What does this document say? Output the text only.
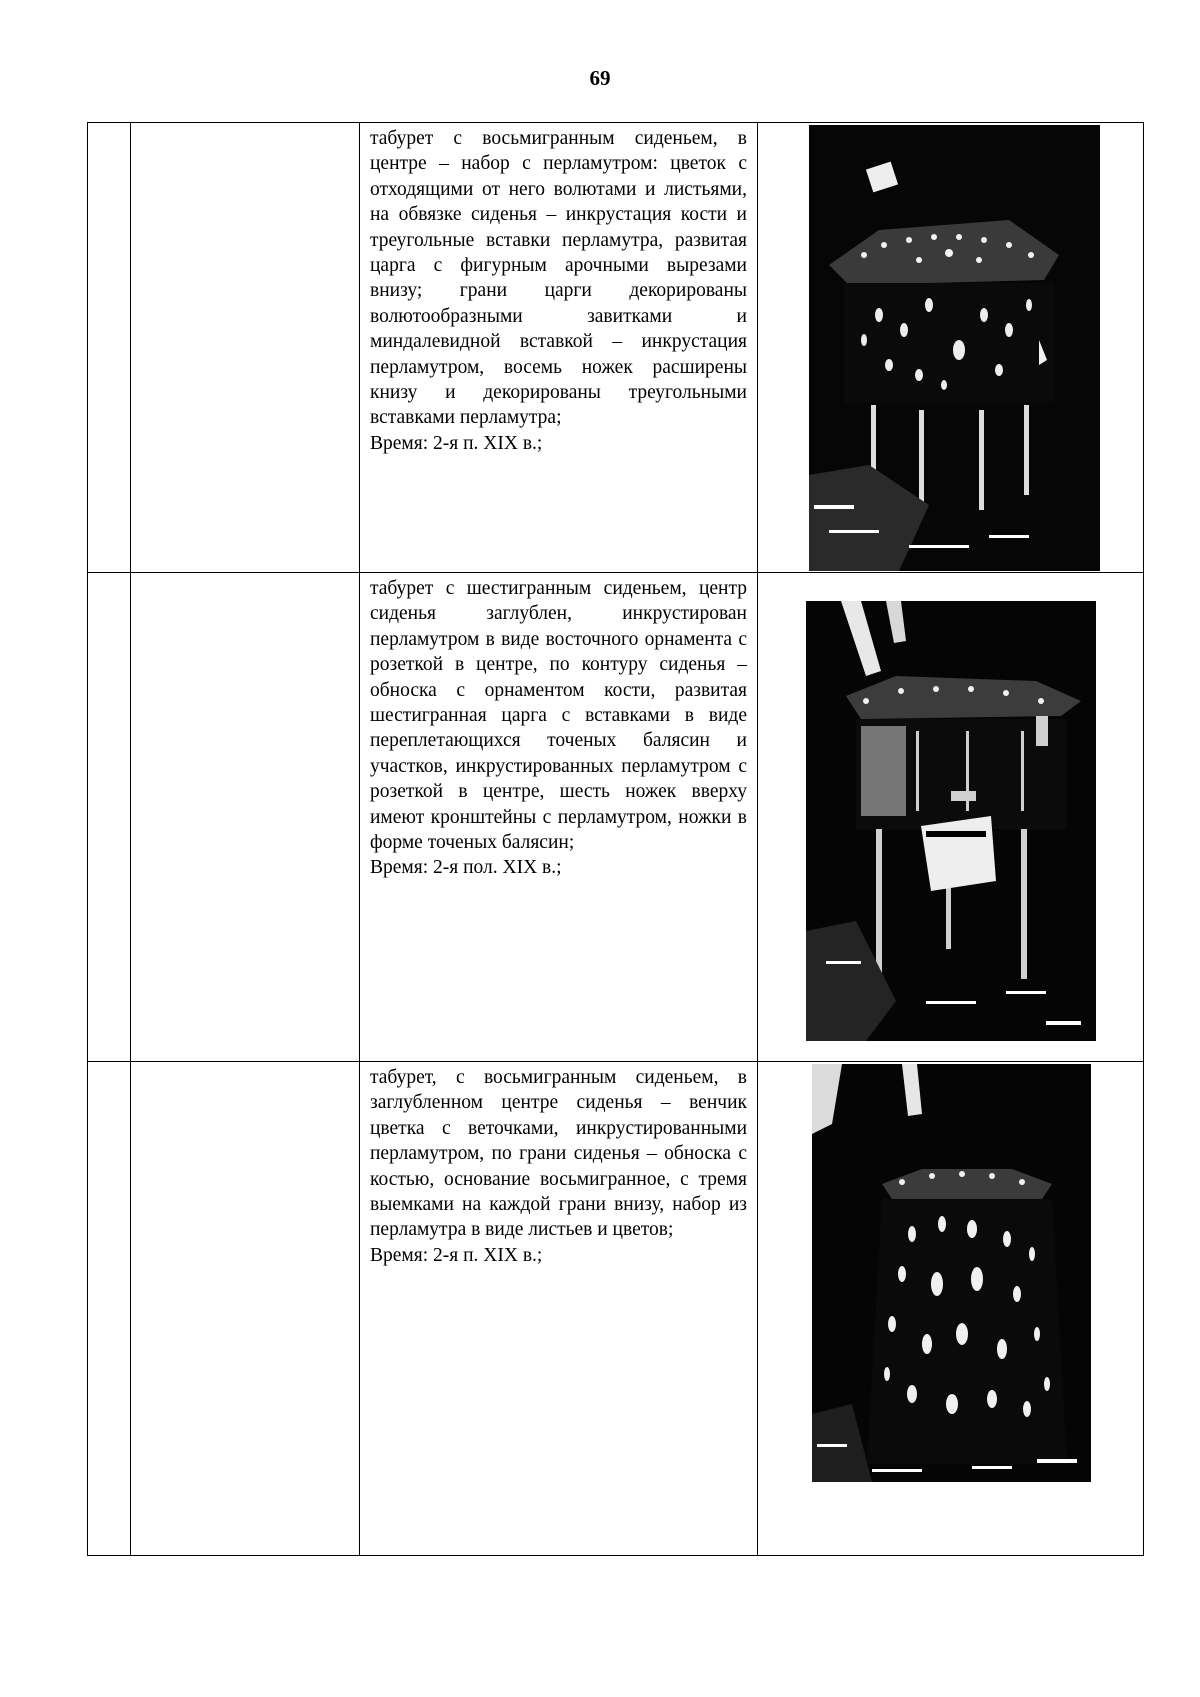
69

		табурет с восьмигранным сиденьем, в центре – набор с перламутром: цветок с отходящими от него волютами и листьями, на обвязке сиденья – инкрустация кости и треугольные вставки перламутра, развитая царга с фигурным арочными вырезами внизу; грани царги декорированы волютообразными завитками и миндалевидной вставкой – инкрустация перламутром, восемь ножек расширены книзу и декорированы треугольными вставками перламутра;
Время: 2-я п. XIX в.;

		табурет с шестигранным сиденьем, центр сиденья заглублен, инкрустирован перламутром в виде восточного орнамента с розеткой в центре, по контуру сиденья – обноска с орнаментом кости, развитая шестигранная царга с вставками в виде переплетающихся точеных балясин и участков, инкрустированных перламутром с розеткой в центре, шесть ножек вверху имеют кронштейны с перламутром, ножки в форме точеных балясин;
Время: 2-я пол. XIX в.;

		табурет, с восьмигранным сиденьем, в заглубленном центре сиденья – венчик цветка с веточками, инкрустированными перламутром, по грани сиденья – обноска с костью, основание восьмигранное, с тремя выемками на каждой грани внизу, набор из перламутра в виде листьев и цветов;
Время: 2-я п. XIX в.;
